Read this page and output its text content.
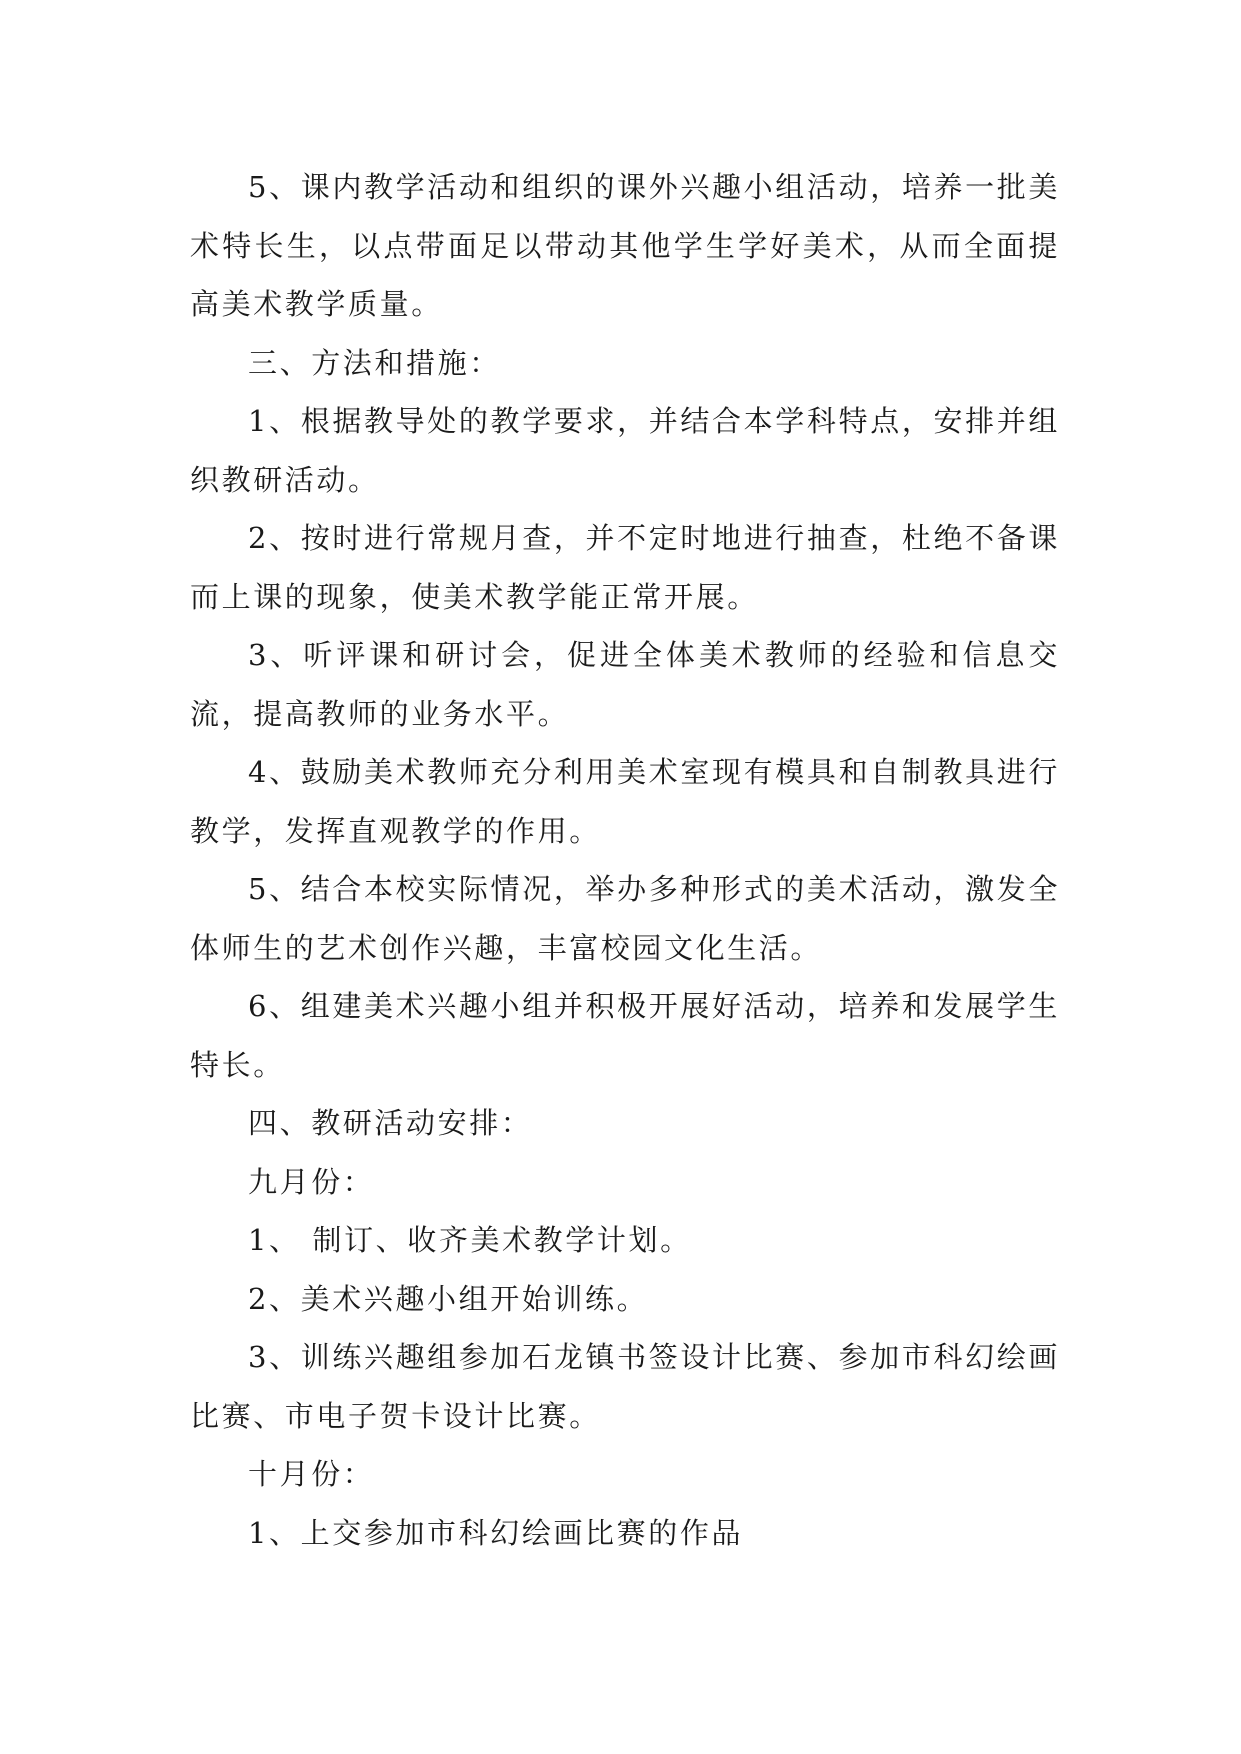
5、课内教学活动和组织的课外兴趣小组活动，培养一批美术特长生，以点带面足以带动其他学生学好美术，从而全面提高美术教学质量。

三、方法和措施：

1、根据教导处的教学要求，并结合本学科特点，安排并组织教研活动。

2、按时进行常规月查，并不定时地进行抽查，杜绝不备课而上课的现象，使美术教学能正常开展。

3、听评课和研讨会，促进全体美术教师的经验和信息交流，提高教师的业务水平。

4、鼓励美术教师充分利用美术室现有模具和自制教具进行教学，发挥直观教学的作用。

5、结合本校实际情况，举办多种形式的美术活动，激发全体师生的艺术创作兴趣，丰富校园文化生活。

6、组建美术兴趣小组并积极开展好活动，培养和发展学生特长。

四、教研活动安排：

九月份：

1、 制订、收齐美术教学计划。

2、美术兴趣小组开始训练。

3、训练兴趣组参加石龙镇书签设计比赛、参加市科幻绘画比赛、市电子贺卡设计比赛。

十月份：

1、上交参加市科幻绘画比赛的作品
